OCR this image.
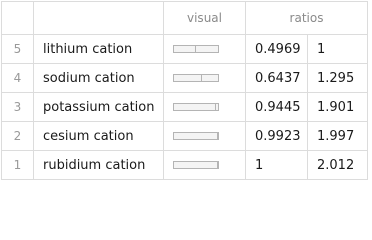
		visual	ratios	
5	lithium cation		0.4969	1
4	sodium cation		0.6437	1.295
3	potassium cation		0.9445	1.901
2	cesium cation		0.9923	1.997
1	rubidium cation		1	2.012
